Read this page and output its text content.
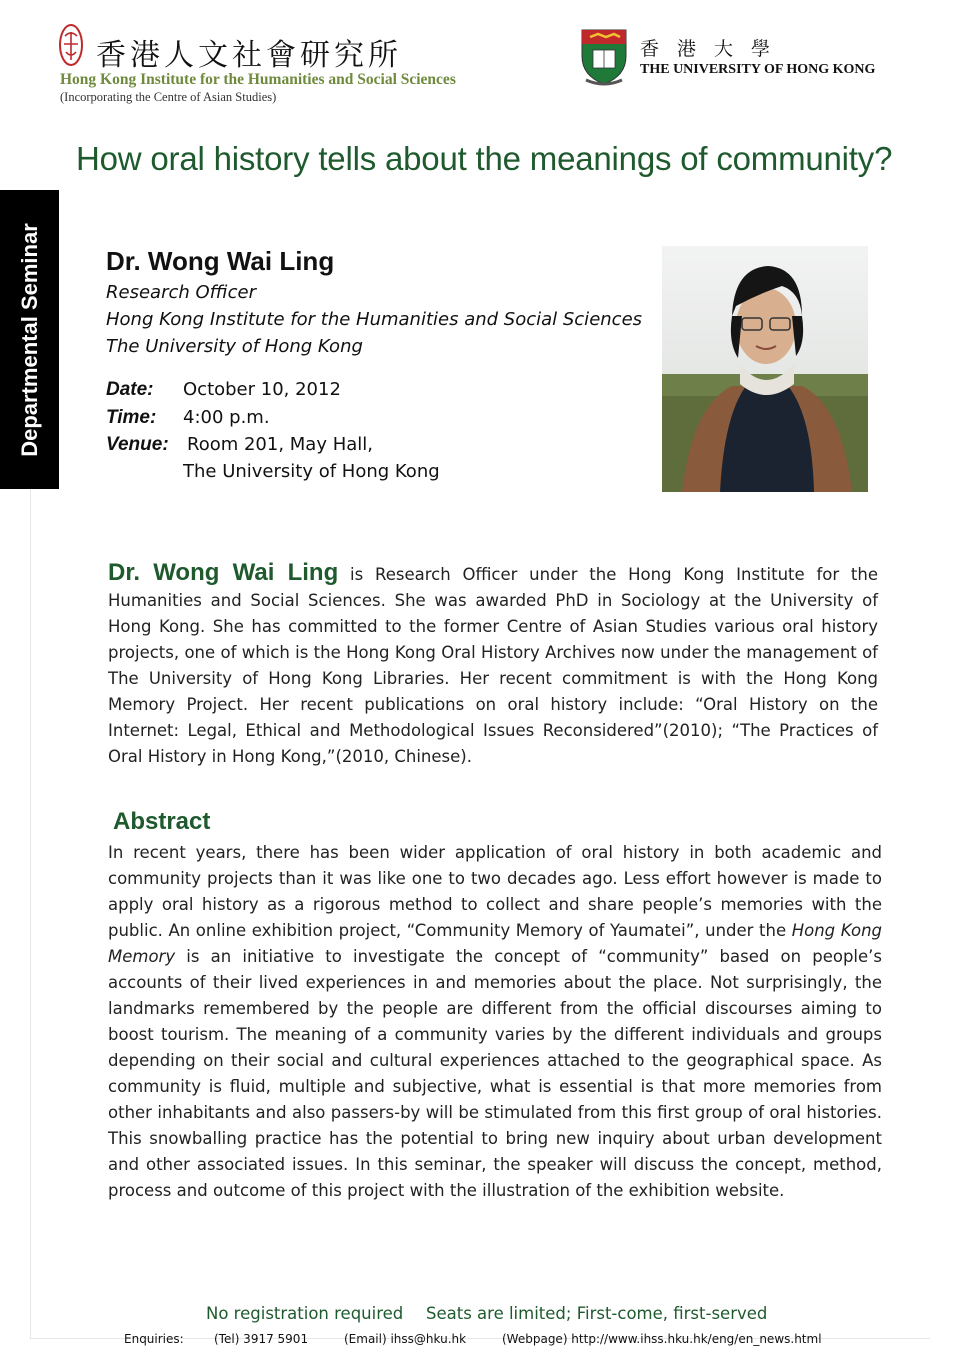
香港人文社會研究所
Hong Kong Institute for the Humanities and Social Sciences
(Incorporating the Centre of Asian Studies)
香港大學
THE UNIVERSITY OF HONG KONG
How oral history tells about the meanings of community?
Departmental Seminar Dr. Wong Wai Ling
Research Officer
Hong Kong Institute for the Humanities and Social Sciences
The University of Hong Kong
Date: October 10, 2012
Time: 4:00 p.m.
Venue: Room 201, May Hall,
The University of Hong Kong
Dr. Wong Wai Ling is Research Officer under the Hong Kong Institute for the Humanities and Social Sciences. She was awarded PhD in Sociology at the University of Hong Kong. She has committed to the former Centre of Asian Studies various oral history projects, one of which is the Hong Kong Oral History Archives now under the management of The University of Hong Kong Libraries. Her recent commitment is with the Hong Kong Memory Project. Her recent publications on oral history include: “Oral History on the Internet: Legal, Ethical and Methodological Issues Reconsidered”(2010); “The Practices of Oral History in Hong Kong,”(2010, Chinese).
Abstract
In recent years, there has been wider application of oral history in both academic and community projects than it was like one to two decades ago. Less effort however is made to apply oral history as a rigorous method to collect and share people’s memories with the public. An online exhibition project, “Community Memory of Yaumatei”, under the Hong Kong Memory is an initiative to investigate the concept of “community” based on people’s accounts of their lived experiences in and memories about the place. Not surprisingly, the landmarks remembered by the people are different from the official discourses aiming to boost tourism. The meaning of a community varies by the different individuals and groups depending on their social and cultural experiences attached to the geographical space. As community is fluid, multiple and subjective, what is essential is that more memories from other inhabitants and also passers-by will be stimulated from this first group of oral histories. This snowballing practice has the potential to bring new inquiry about urban development and other associated issues. In this seminar, the speaker will discuss the concept, method, process and outcome of this project with the illustration of the exhibition website.
No registration required Seats are limited; First-come, first-served
Enquiries:	(Tel) 3917 5901	(Email) ihss@hku.hk	(Webpage) http://www.ihss.hku.hk/eng/en_news.html
